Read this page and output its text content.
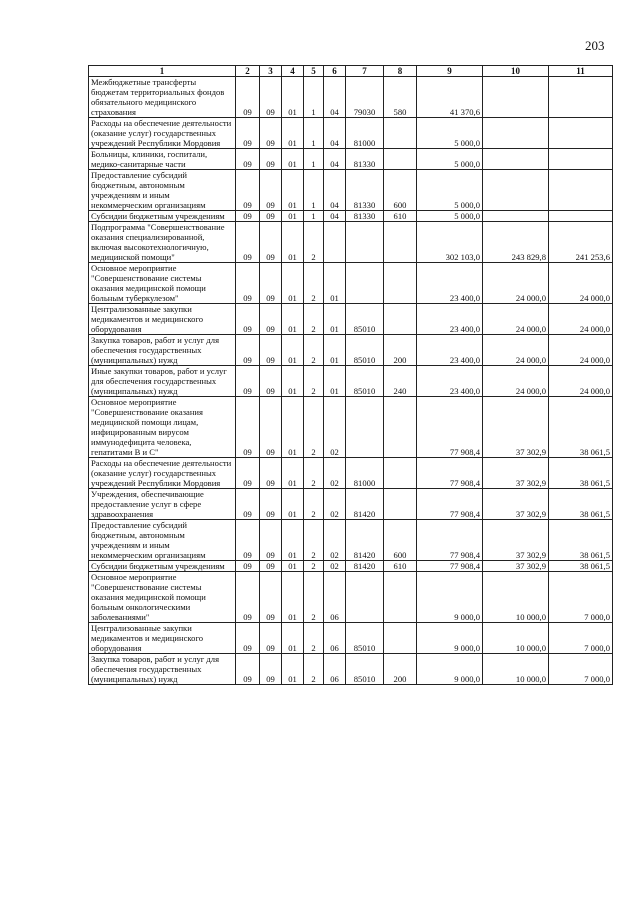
203
1	2	3	4	5	6	7	8	9	10	11
Межбюджетные трансферты бюджетам территориальных фондов обязательного медицинского страхования	09	09	01	1	04	79030	580	41 370,6		
Расходы на обеспечение деятельности (оказание услуг) государственных учреждений Республики Мордовия	09	09	01	1	04	81000		5 000,0		
Больницы, клиники, госпитали, медико-санитарные части	09	09	01	1	04	81330		5 000,0		
Предоставление субсидий бюджетным, автономным учреждениям и иным некоммерческим организациям	09	09	01	1	04	81330	600	5 000,0		
Субсидии бюджетным учреждениям	09	09	01	1	04	81330	610	5 000,0		
Подпрограмма "Совершенствование оказания специализированной, включая высокотехнологичную, медицинской помощи"	09	09	01	2				302 103,0	243 829,8	241 253,6
Основное мероприятие "Совершенствование системы оказания медицинской помощи больным туберкулезом"	09	09	01	2	01			23 400,0	24 000,0	24 000,0
Централизованные закупки медикаментов и медицинского оборудования	09	09	01	2	01	85010		23 400,0	24 000,0	24 000,0
Закупка товаров, работ и услуг для обеспечения государственных (муниципальных) нужд	09	09	01	2	01	85010	200	23 400,0	24 000,0	24 000,0
Иные закупки товаров, работ и услуг для обеспечения государственных (муниципальных) нужд	09	09	01	2	01	85010	240	23 400,0	24 000,0	24 000,0
Основное мероприятие "Совершенствование оказания медицинской помощи лицам, инфицированным вирусом иммунодефицита человека, гепатитами В и С"	09	09	01	2	02			77 908,4	37 302,9	38 061,5
Расходы на обеспечение деятельности (оказание услуг) государственных учреждений Республики Мордовия	09	09	01	2	02	81000		77 908,4	37 302,9	38 061,5
Учреждения, обеспечивающие предоставление услуг в сфере здравоохранения	09	09	01	2	02	81420		77 908,4	37 302,9	38 061,5
Предоставление субсидий бюджетным, автономным учреждениям и иным некоммерческим организациям	09	09	01	2	02	81420	600	77 908,4	37 302,9	38 061,5
Субсидии бюджетным учреждениям	09	09	01	2	02	81420	610	77 908,4	37 302,9	38 061,5
Основное мероприятие "Совершенствование системы оказания медицинской помощи больным онкологическими заболеваниями"	09	09	01	2	06			9 000,0	10 000,0	7 000,0
Централизованные закупки медикаментов и медицинского оборудования	09	09	01	2	06	85010		9 000,0	10 000,0	7 000,0
Закупка товаров, работ и услуг для обеспечения государственных (муниципальных) нужд	09	09	01	2	06	85010	200	9 000,0	10 000,0	7 000,0
